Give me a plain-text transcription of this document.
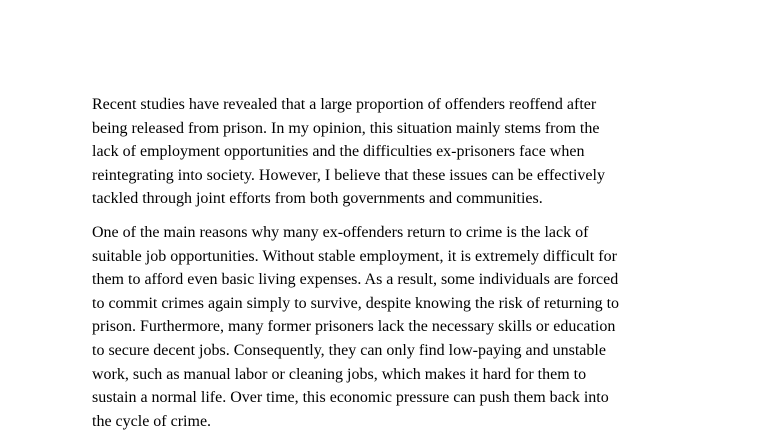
Recent studies have revealed that a large proportion of offenders reoffend after
being released from prison. In my opinion, this situation mainly stems from the
lack of employment opportunities and the difficulties ex-prisoners face when
reintegrating into society. However, I believe that these issues can be effectively
tackled through joint efforts from both governments and communities.

One of the main reasons why many ex-offenders return to crime is the lack of
suitable job opportunities. Without stable employment, it is extremely difficult for
them to afford even basic living expenses. As a result, some individuals are forced
to commit crimes again simply to survive, despite knowing the risk of returning to
prison. Furthermore, many former prisoners lack the necessary skills or education
to secure decent jobs. Consequently, they can only find low-paying and unstable
work, such as manual labor or cleaning jobs, which makes it hard for them to
sustain a normal life. Over time, this economic pressure can push them back into
the cycle of crime.
